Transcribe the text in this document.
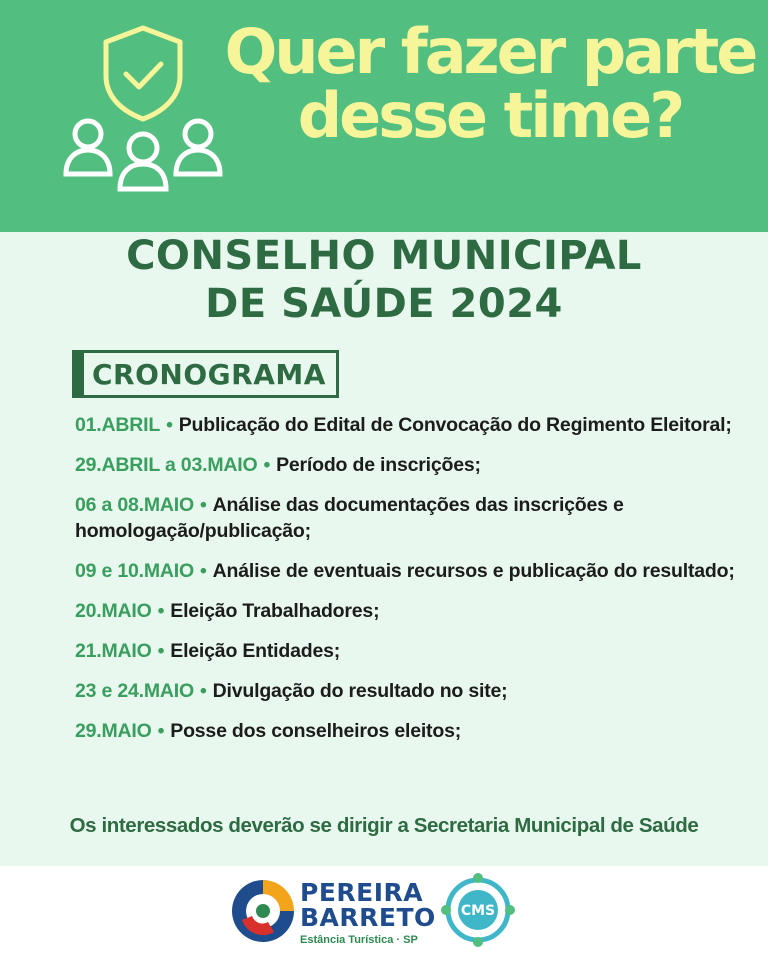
Quer fazer parte
desse time?
CONSELHO MUNICIPAL
DE SAÚDE 2024
CRONOGRAMA
01.ABRIL • Publicação do Edital de Convocação do Regimento Eleitoral;
29.ABRIL a 03.MAIO • Período de inscrições;
06 a 08.MAIO • Análise das documentações das inscrições e homologação/publicação;
09 e 10.MAIO • Análise de eventuais recursos e publicação do resultado;
20.MAIO • Eleição Trabalhadores;
21.MAIO • Eleição Entidades;
23 e 24.MAIO • Divulgação do resultado no site;
29.MAIO • Posse dos conselheiros eleitos;
Os interessados deverão se dirigir a Secretaria Municipal de Saúde
PEREIRA
BARRETO
Estância Turística · SP
CMS
